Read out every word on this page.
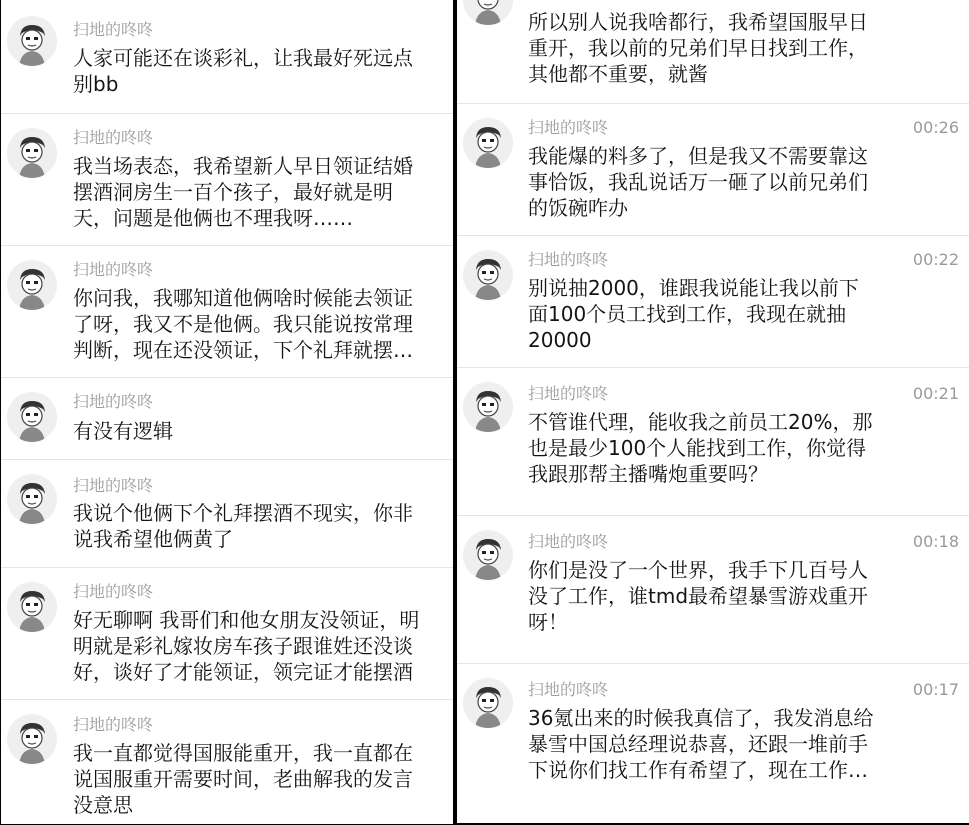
扫地的咚咚
人家可能还在谈彩礼，让我最好死远点
别bb
扫地的咚咚
我当场表态，我希望新人早日领证结婚
摆酒洞房生一百个孩子，最好就是明
天，问题是他俩也不理我呀……
扫地的咚咚
你问我，我哪知道他俩啥时候能去领证
了呀，我又不是他俩。我只能说按常理
判断，现在还没领证，下个礼拜就摆…
扫地的咚咚
有没有逻辑
扫地的咚咚
我说个他俩下个礼拜摆酒不现实，你非
说我希望他俩黄了
扫地的咚咚
好无聊啊 我哥们和他女朋友没领证，明
明就是彩礼嫁妆房车孩子跟谁姓还没谈
好，谈好了才能领证，领完证才能摆酒
扫地的咚咚
我一直都觉得国服能重开，我一直都在
说国服重开需要时间，老曲解我的发言
没意思
所以别人说我啥都行，我希望国服早日
重开，我以前的兄弟们早日找到工作，
其他都不重要，就酱
扫地的咚咚	00:26
我能爆的料多了，但是我又不需要靠这
事恰饭，我乱说话万一砸了以前兄弟们
的饭碗咋办
扫地的咚咚	00:22
别说抽2000，谁跟我说能让我以前下
面100个员工找到工作，我现在就抽
20000
扫地的咚咚	00:21
不管谁代理，能收我之前员工20%，那
也是最少100个人能找到工作，你觉得
我跟那帮主播嘴炮重要吗？
扫地的咚咚	00:18
你们是没了一个世界，我手下几百号人
没了工作，谁tmd最希望暴雪游戏重开
呀！
扫地的咚咚	00:17
36氪出来的时候我真信了，我发消息给
暴雪中国总经理说恭喜，还跟一堆前手
下说你们找工作有希望了，现在工作…
